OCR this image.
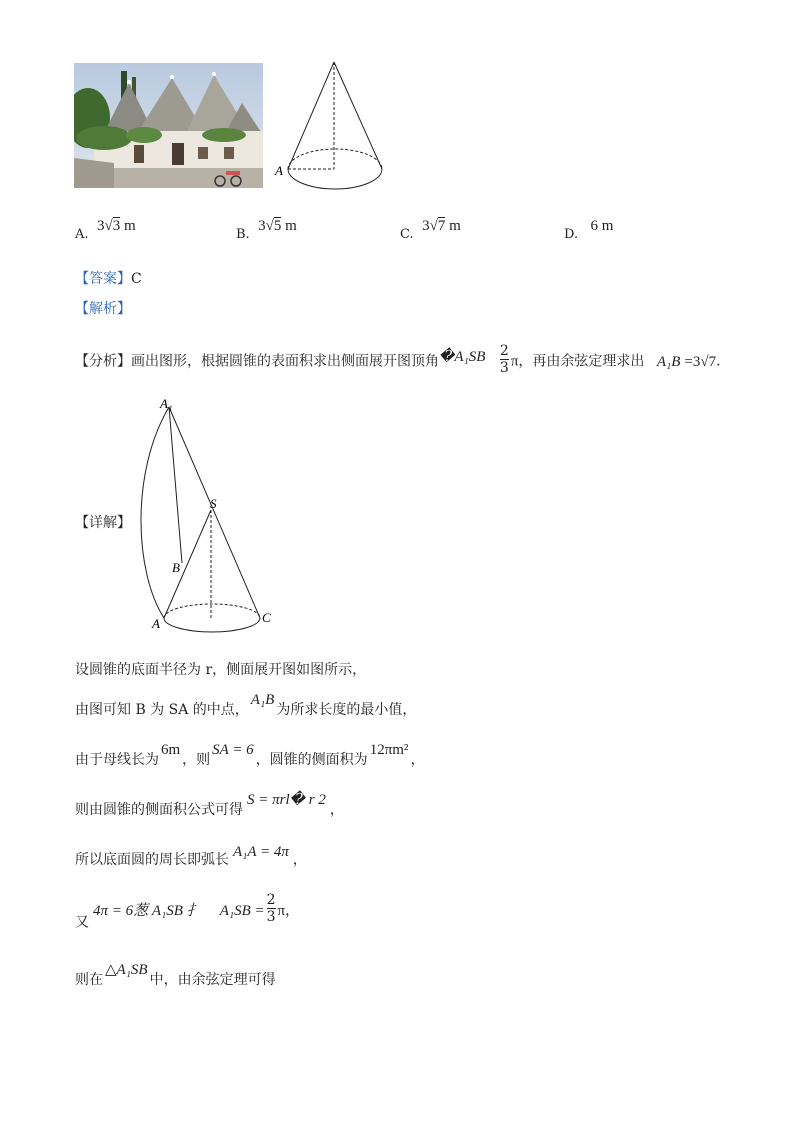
A
A. 3√3 m
B. 3√5 m
C. 3√7 m
D. 6 m
【答案】C
【解析】
【分析】画出图形，根据圆锥的表面积求出侧面展开图顶角�A₁SB $\frac{2}{3}$ π，再由余弦定理求出 A₁B =3√7.
【详解】
A₁
S
B
A	C
设圆锥的底面半径为 r，侧面展开图如图所示，
由图可知 B 为 SA 的中点，A₁B为所求长度的最小值，
由于母线长为6m，则SA = 6，圆锥的侧面积为12πm²，
则由圆锥的侧面积公式可得S = πrl� r 2，
所以底面圆的周长即弧长 A₁A = 4π ，
又4π = 6葱 A₁SB 扌 $A_1SB = \frac{2}{3}$ π，
则在△A₁SB中，由余弦定理可得
